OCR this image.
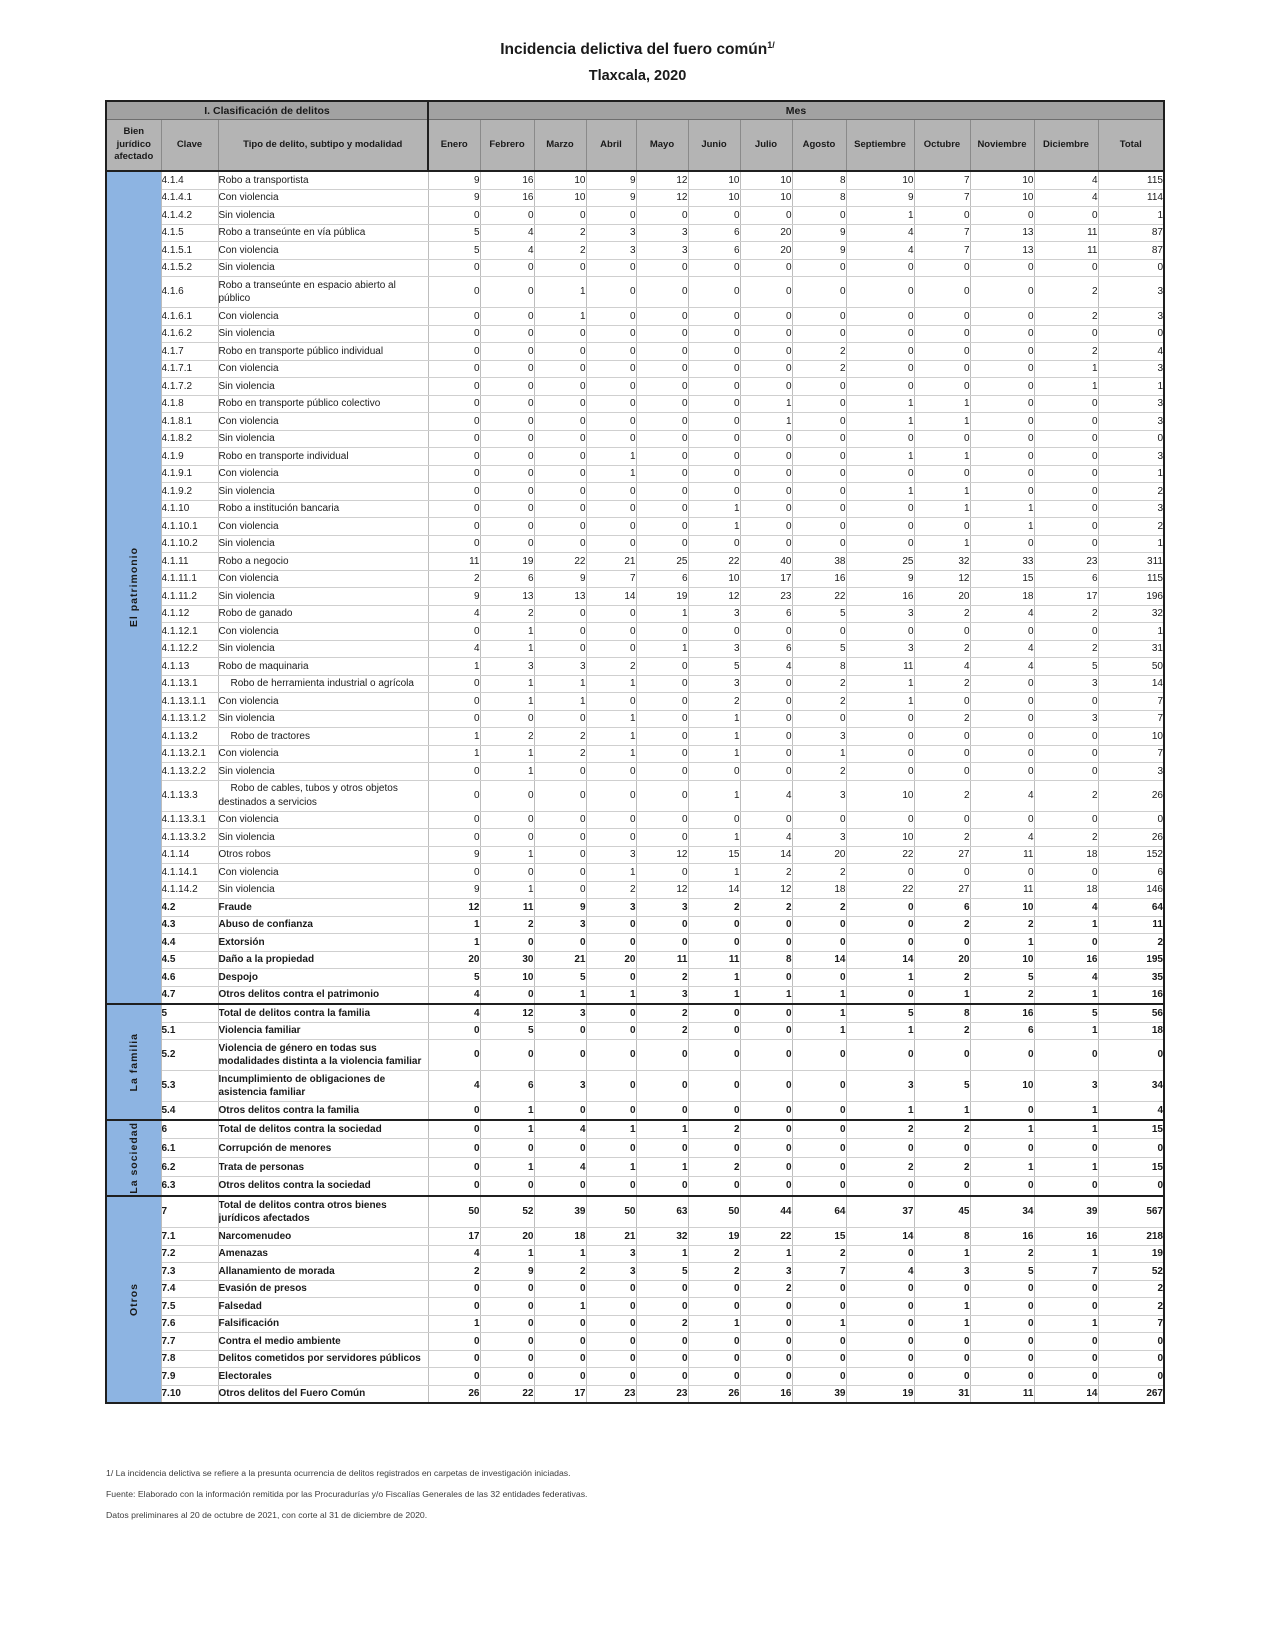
Incidencia delictiva del fuero común$^{1/}$

Tlaxcala, 2020

I. Clasificación de delitos			Mes												
Bien jurídico afectado	Clave	Tipo de delito, subtipo y modalidad	Enero	Febrero	Marzo	Abril	Mayo	Junio	Julio	Agosto	Septiembre	Octubre	Noviembre	Diciembre	Total

El patrimonio	4.1.4	Robo a transportista	9	16	10	9	12	10	10	8	10	7	10	4	115
	4.1.4.1	Con violencia	9	16	10	9	12	10	10	8	9	7	10	4	114
	4.1.4.2	Sin violencia	0	0	0	0	0	0	0	0	1	0	0	0	1
	4.1.5	Robo a transeúnte en vía pública	5	4	2	3	3	6	20	9	4	7	13	11	87
	4.1.5.1	Con violencia	5	4	2	3	3	6	20	9	4	7	13	11	87
	4.1.5.2	Sin violencia	0	0	0	0	0	0	0	0	0	0	0	0	0
	4.1.6	Robo a transeúnte en espacio abierto al público	0	0	1	0	0	0	0	0	0	0	0	2	3
	4.1.6.1	Con violencia	0	0	1	0	0	0	0	0	0	0	0	2	3
	4.1.6.2	Sin violencia	0	0	0	0	0	0	0	0	0	0	0	0	0
	4.1.7	Robo en transporte público individual	0	0	0	0	0	0	0	2	0	0	0	2	4
	4.1.7.1	Con violencia	0	0	0	0	0	0	0	2	0	0	0	1	3
	4.1.7.2	Sin violencia	0	0	0	0	0	0	0	0	0	0	0	1	1
	4.1.8	Robo en transporte público colectivo	0	0	0	0	0	0	1	0	1	1	0	0	3
	4.1.8.1	Con violencia	0	0	0	0	0	0	1	0	1	1	0	0	3
	4.1.8.2	Sin violencia	0	0	0	0	0	0	0	0	0	0	0	0	0
	4.1.9	Robo en transporte individual	0	0	0	1	0	0	0	0	1	1	0	0	3
	4.1.9.1	Con violencia	0	0	0	1	0	0	0	0	0	0	0	0	1
	4.1.9.2	Sin violencia	0	0	0	0	0	0	0	0	1	1	0	0	2
	4.1.10	Robo a institución bancaria	0	0	0	0	0	1	0	0	0	1	1	0	3
	4.1.10.1	Con violencia	0	0	0	0	0	1	0	0	0	0	1	0	2
	4.1.10.2	Sin violencia	0	0	0	0	0	0	0	0	0	1	0	0	1
	4.1.11	Robo a negocio	11	19	22	21	25	22	40	38	25	32	33	23	311
	4.1.11.1	Con violencia	2	6	9	7	6	10	17	16	9	12	15	6	115
	4.1.11.2	Sin violencia	9	13	13	14	19	12	23	22	16	20	18	17	196
	4.1.12	Robo de ganado	4	2	0	0	1	3	6	5	3	2	4	2	32
	4.1.12.1	Con violencia	0	1	0	0	0	0	0	0	0	0	0	0	1
	4.1.12.2	Sin violencia	4	1	0	0	1	3	6	5	3	2	4	2	31
	4.1.13	Robo de maquinaria	1	3	3	2	0	5	4	8	11	4	4	5	50
	4.1.13.1	Robo de herramienta industrial o agrícola	0	1	1	1	0	3	0	2	1	2	0	3	14
	4.1.13.1.1	Con violencia	0	1	1	0	0	2	0	2	1	0	0	0	7
	4.1.13.1.2	Sin violencia	0	0	0	1	0	1	0	0	0	2	0	3	7
	4.1.13.2	Robo de tractores	1	2	2	1	0	1	0	3	0	0	0	0	10
	4.1.13.2.1	Con violencia	1	1	2	1	0	1	0	1	0	0	0	0	7
	4.1.13.2.2	Sin violencia	0	1	0	0	0	0	0	2	0	0	0	0	3
	4.1.13.3	Robo de cables, tubos y otros objetos destinados a servicios	0	0	0	0	0	1	4	3	10	2	4	2	26
	4.1.13.3.1	Con violencia	0	0	0	0	0	0	0	0	0	0	0	0	0
	4.1.13.3.2	Sin violencia	0	0	0	0	0	1	4	3	10	2	4	2	26
	4.1.14	Otros robos	9	1	0	3	12	15	14	20	22	27	11	18	152
	4.1.14.1	Con violencia	0	0	0	1	0	1	2	2	0	0	0	0	6
	4.1.14.2	Sin violencia	9	1	0	2	12	14	12	18	22	27	11	18	146
	4.2	Fraude	12	11	9	3	3	2	2	2	0	6	10	4	64
	4.3	Abuso de confianza	1	2	3	0	0	0	0	0	0	2	2	1	11
	4.4	Extorsión	1	0	0	0	0	0	0	0	0	0	1	0	2
	4.5	Daño a la propiedad	20	30	21	20	11	11	8	14	14	20	10	16	195
	4.6	Despojo	5	10	5	0	2	1	0	0	1	2	5	4	35
	4.7	Otros delitos contra el patrimonio	4	0	1	1	3	1	1	1	0	1	2	1	16

La familia	5	Total de delitos contra la familia	4	12	3	0	2	0	0	1	5	8	16	5	56
	5.1	Violencia familiar	0	5	0	0	2	0	0	1	1	2	6	1	18
	5.2	Violencia de género en todas sus modalidades distinta a la violencia familiar	0	0	0	0	0	0	0	0	0	0	0	0	0
	5.3	Incumplimiento de obligaciones de asistencia familiar	4	6	3	0	0	0	0	0	3	5	10	3	34
	5.4	Otros delitos contra la familia	0	1	0	0	0	0	0	0	1	1	0	1	4

La sociedad	6	Total de delitos contra la sociedad	0	1	4	1	1	2	0	0	2	2	1	1	15
	6.1	Corrupción de menores	0	0	0	0	0	0	0	0	0	0	0	0	0
	6.2	Trata de personas	0	1	4	1	1	2	0	0	2	2	1	1	15
	6.3	Otros delitos contra la sociedad	0	0	0	0	0	0	0	0	0	0	0	0	0

Otros	7	Total de delitos contra otros bienes jurídicos afectados	50	52	39	50	63	50	44	64	37	45	34	39	567
	7.1	Narcomenudeo	17	20	18	21	32	19	22	15	14	8	16	16	218
	7.2	Amenazas	4	1	1	3	1	2	1	2	0	1	2	1	19
	7.3	Allanamiento de morada	2	9	2	3	5	2	3	7	4	3	5	7	52
	7.4	Evasión de presos	0	0	0	0	0	0	2	0	0	0	0	0	2
	7.5	Falsedad	0	0	1	0	0	0	0	0	0	1	0	0	2
	7.6	Falsificación	1	0	0	0	2	1	0	1	0	1	0	1	7
	7.7	Contra el medio ambiente	0	0	0	0	0	0	0	0	0	0	0	0	0
	7.8	Delitos cometidos por servidores públicos	0	0	0	0	0	0	0	0	0	0	0	0	0
	7.9	Electorales	0	0	0	0	0	0	0	0	0	0	0	0	0
	7.10	Otros delitos del Fuero Común	26	22	17	23	23	26	16	39	19	31	11	14	267
1/ La incidencia delictiva se refiere a la presunta ocurrencia de delitos registrados en carpetas de investigación iniciadas.
Fuente: Elaborado con la información remitida por las Procuradurías y/o Fiscalías Generales de las 32 entidades federativas.
Datos preliminares al 20 de octubre de 2021, con corte al 31 de diciembre de 2020.
